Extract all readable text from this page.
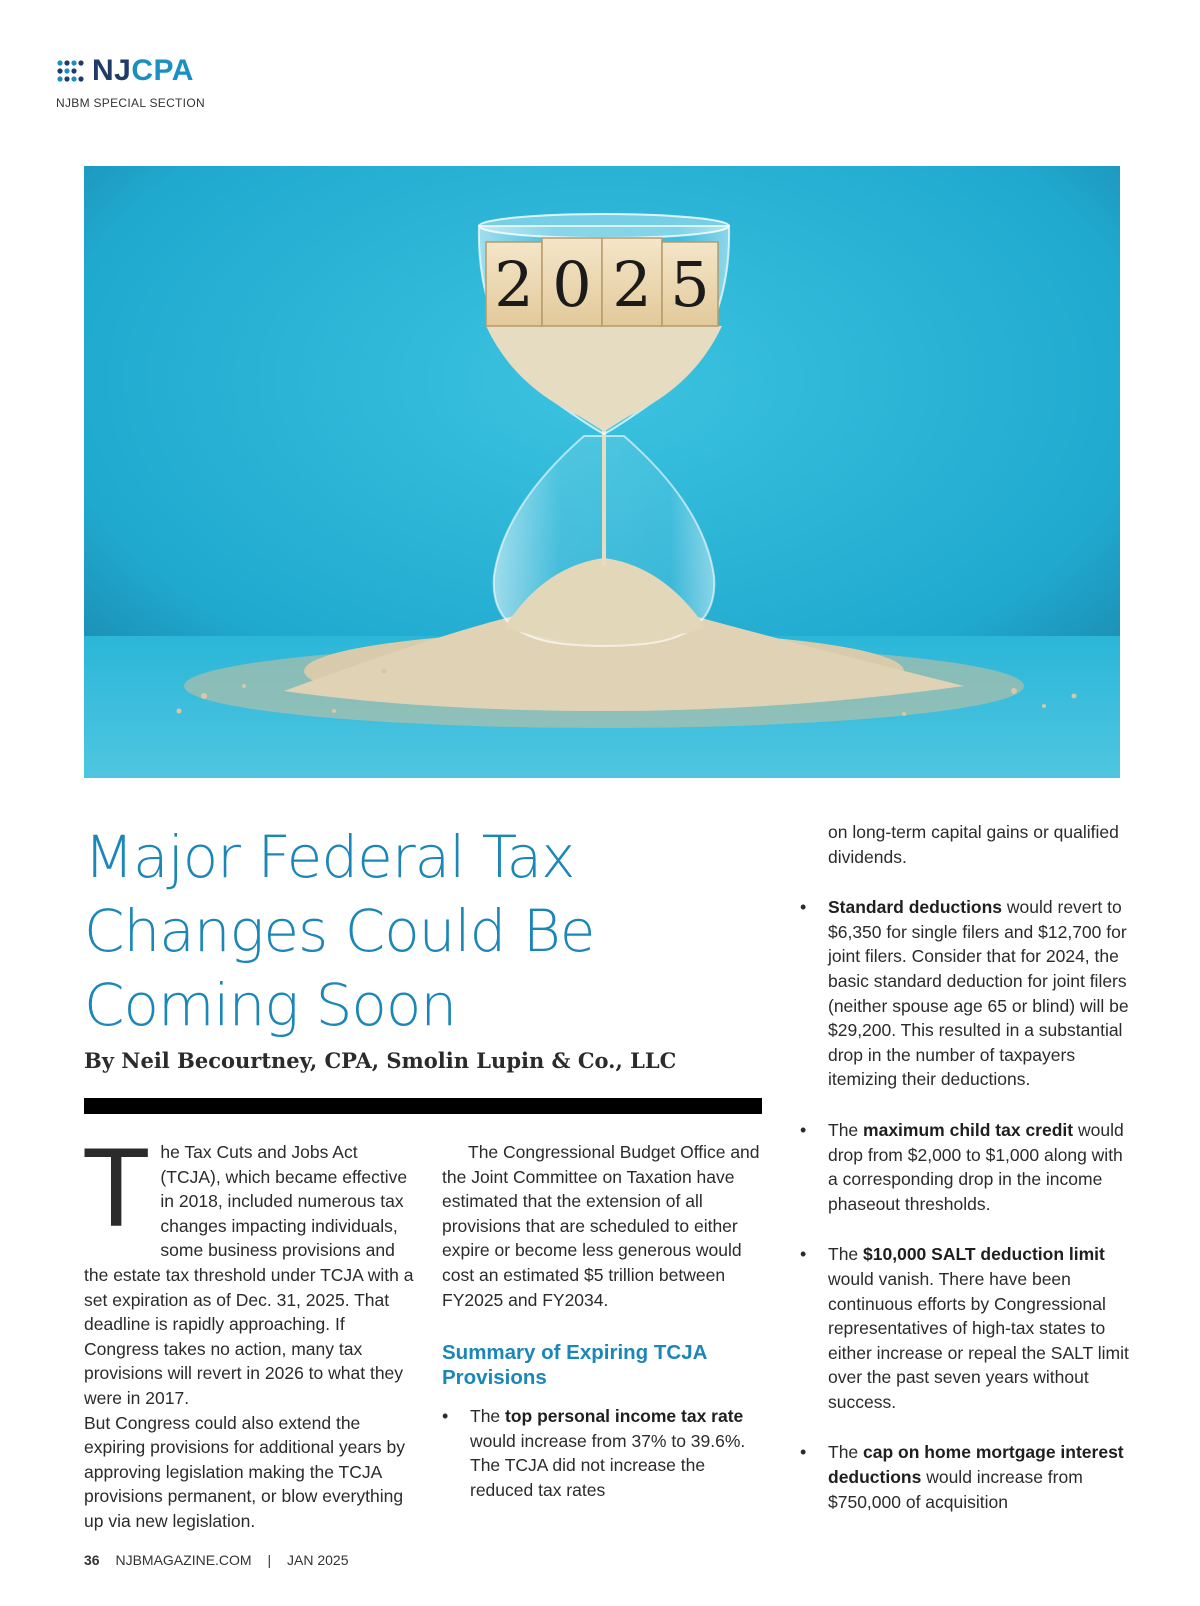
NJCPA
NJBM SPECIAL SECTION
2 0 2 5
Major Federal Tax Changes Could Be Coming Soon
By Neil Becourtney, CPA, Smolin Lupin & Co., LLC

The Tax Cuts and Jobs Act (TCJA), which became effective in 2018, included numerous tax changes impacting individuals, some business provisions and the estate tax threshold under TCJA with a set expiration as of Dec. 31, 2025. That deadline is rapidly approaching. If Congress takes no action, many tax provisions will revert in 2026 to what they were in 2017.

But Congress could also extend the expiring provisions for additional years by approving legislation making the TCJA provisions permanent, or blow everything up via new legislation.

The Congressional Budget Office and the Joint Committee on Taxation have estimated that the extension of all provisions that are scheduled to either expire or become less generous would cost an estimated $5 trillion between FY2025 and FY2034.

Summary of Expiring TCJA Provisions
• The top personal income tax rate would increase from 37% to 39.6%. The TCJA did not increase the reduced tax rates

on long-term capital gains or qualified dividends.

• Standard deductions would revert to $6,350 for single filers and $12,700 for joint filers. Consider that for 2024, the basic standard deduction for joint filers (neither spouse age 65 or blind) will be $29,200. This resulted in a substantial drop in the number of taxpayers itemizing their deductions.
• The maximum child tax credit would drop from $2,000 to $1,000 along with a corresponding drop in the income phaseout thresholds.
• The $10,000 SALT deduction limit would vanish. There have been continuous efforts by Congressional representatives of high-tax states to either increase or repeal the SALT limit over the past seven years without success.
• The cap on home mortgage interest deductions would increase from $750,000 of acquisition
36 NJBMAGAZINE.COM | JAN 2025
